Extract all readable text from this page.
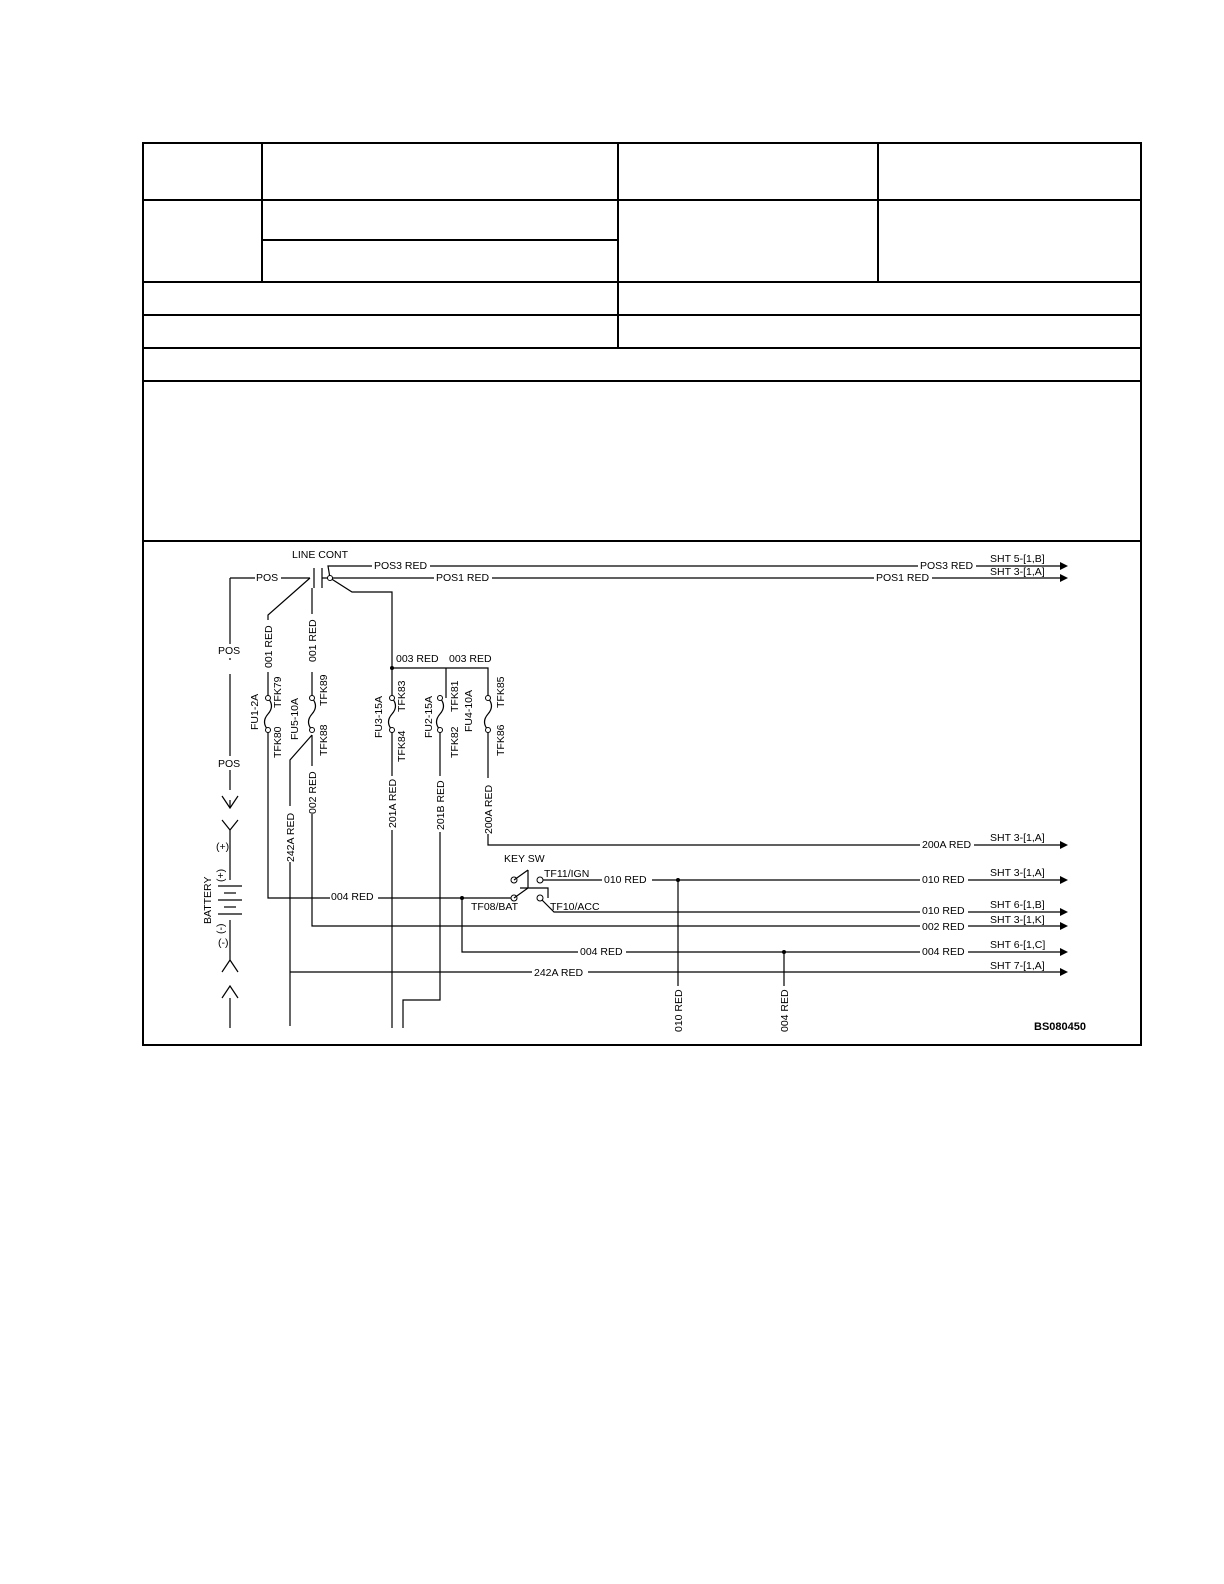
LINE CONT
POS
POS
POS
POS3 RED	POS3 RED
POS1 RED	POS1 RED
SHT 5-[1,B]
SHT 3-[1,A]
001 RED	001 RED	003 RED 003 RED
FU1-2A
TFK79
TFK80
FU5-10A
TFK89
TFK88
FU3-15A TFK83
TFK84
FU2-15A TFK81
TFK82
FU4-10A TFK85
TFK86
002 RED
242A RED
201A RED	201B RED	200A RED
200A RED
SHT 3-[1,A]
KEY SW
TF11/IGN
TF08/BAT	TF10/ACC
010 RED	010 RED
SHT 3-[1,A]
010 RED SHT 6-[1,B]
002 RED
SHT 3-[1,K]
004 RED
004 RED	004 RED
SHT 6-[1,C]
242A RED
SHT 7-[1,A]
010 RED	004 RED
BATTERY
(+)
(+)
(-)
(-)
BS080450
